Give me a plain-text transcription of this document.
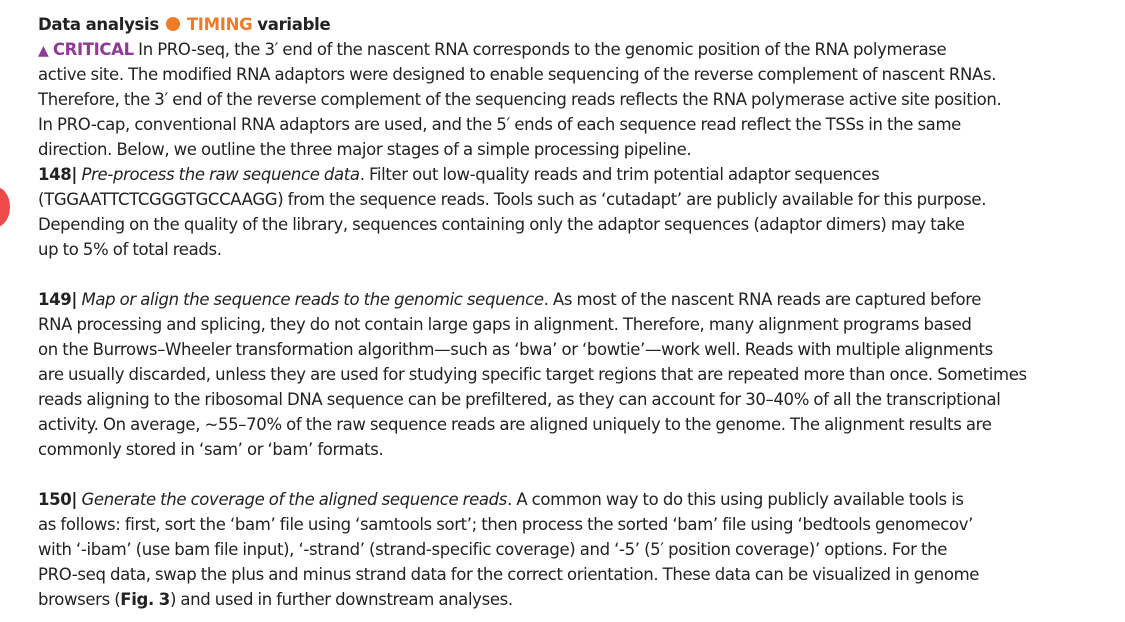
Data analysis TIMING variable
▲ CRITICAL In PRO-seq, the 3′ end of the nascent RNA corresponds to the genomic position of the RNA polymerase
active site. The modified RNA adaptors were designed to enable sequencing of the reverse complement of nascent RNAs.
Therefore, the 3′ end of the reverse complement of the sequencing reads reflects the RNA polymerase active site position.
In PRO-cap, conventional RNA adaptors are used, and the 5′ ends of each sequence read reflect the TSSs in the same
direction. Below, we outline the three major stages of a simple processing pipeline.
148| Pre-process the raw sequence data. Filter out low-quality reads and trim potential adaptor sequences
(TGGAATTCTCGGGTGCCAAGG) from the sequence reads. Tools such as ‘cutadapt’ are publicly available for this purpose.
Depending on the quality of the library, sequences containing only the adaptor sequences (adaptor dimers) may take
up to 5% of total reads.
149| Map or align the sequence reads to the genomic sequence. As most of the nascent RNA reads are captured before
RNA processing and splicing, they do not contain large gaps in alignment. Therefore, many alignment programs based
on the Burrows–Wheeler transformation algorithm—such as ‘bwa’ or ‘bowtie’—work well. Reads with multiple alignments
are usually discarded, unless they are used for studying specific target regions that are repeated more than once. Sometimes
reads aligning to the ribosomal DNA sequence can be prefiltered, as they can account for 30–40% of all the transcriptional
activity. On average, ~55–70% of the raw sequence reads are aligned uniquely to the genome. The alignment results are
commonly stored in ‘sam’ or ‘bam’ formats.
150| Generate the coverage of the aligned sequence reads. A common way to do this using publicly available tools is
as follows: first, sort the ‘bam’ file using ‘samtools sort’; then process the sorted ‘bam’ file using ‘bedtools genomecov’
with ‘-ibam’ (use bam file input), ‘-strand’ (strand-specific coverage) and ‘-5’ (5′ position coverage)’ options. For the
PRO-seq data, swap the plus and minus strand data for the correct orientation. These data can be visualized in genome
browsers (Fig. 3) and used in further downstream analyses.
